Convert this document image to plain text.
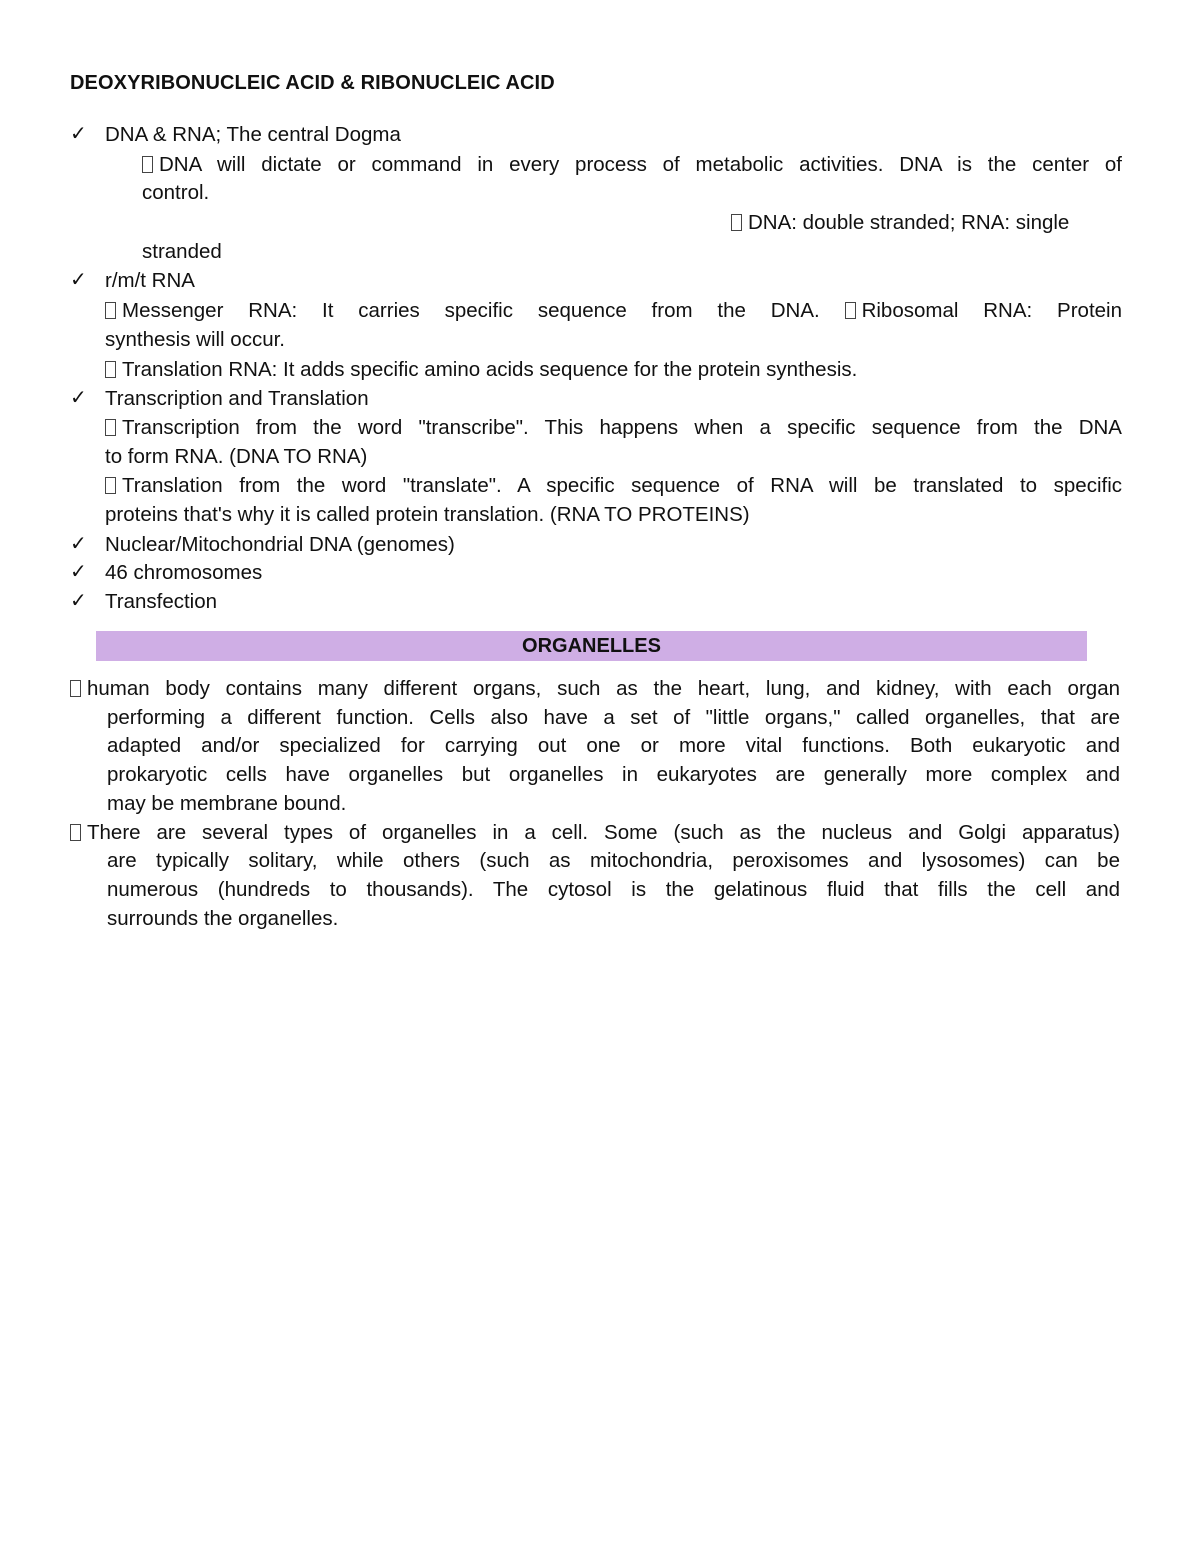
DEOXYRIBONUCLEIC ACID & RIBONUCLEIC ACID
✓ DNA & RNA; The central Dogma
DNA will dictate or command in every process of metabolic activities. DNA is the center of
control.
DNA: double stranded; RNA: single
stranded
✓ r/m/t RNA
Messenger RNA: It carries specific sequence from the DNA. Ribosomal RNA: Protein
synthesis will occur.
Translation RNA: It adds specific amino acids sequence for the protein synthesis.
✓ Transcription and Translation
Transcription from the word "transcribe". This happens when a specific sequence from the DNA
to form RNA. (DNA TO RNA)
Translation from the word "translate". A specific sequence of RNA will be translated to specific
proteins that's why it is called protein translation. (RNA TO PROTEINS)
✓ Nuclear/Mitochondrial DNA (genomes)
✓ 46 chromosomes
✓ Transfection
ORGANELLES
human body contains many different organs, such as the heart, lung, and kidney, with each organ
performing a different function. Cells also have a set of "little organs," called organelles, that are
adapted and/or specialized for carrying out one or more vital functions. Both eukaryotic and
prokaryotic cells have organelles but organelles in eukaryotes are generally more complex and
may be membrane bound.
There are several types of organelles in a cell. Some (such as the nucleus and Golgi apparatus)
are typically solitary, while others (such as mitochondria, peroxisomes and lysosomes) can be
numerous (hundreds to thousands). The cytosol is the gelatinous fluid that fills the cell and
surrounds the organelles.
